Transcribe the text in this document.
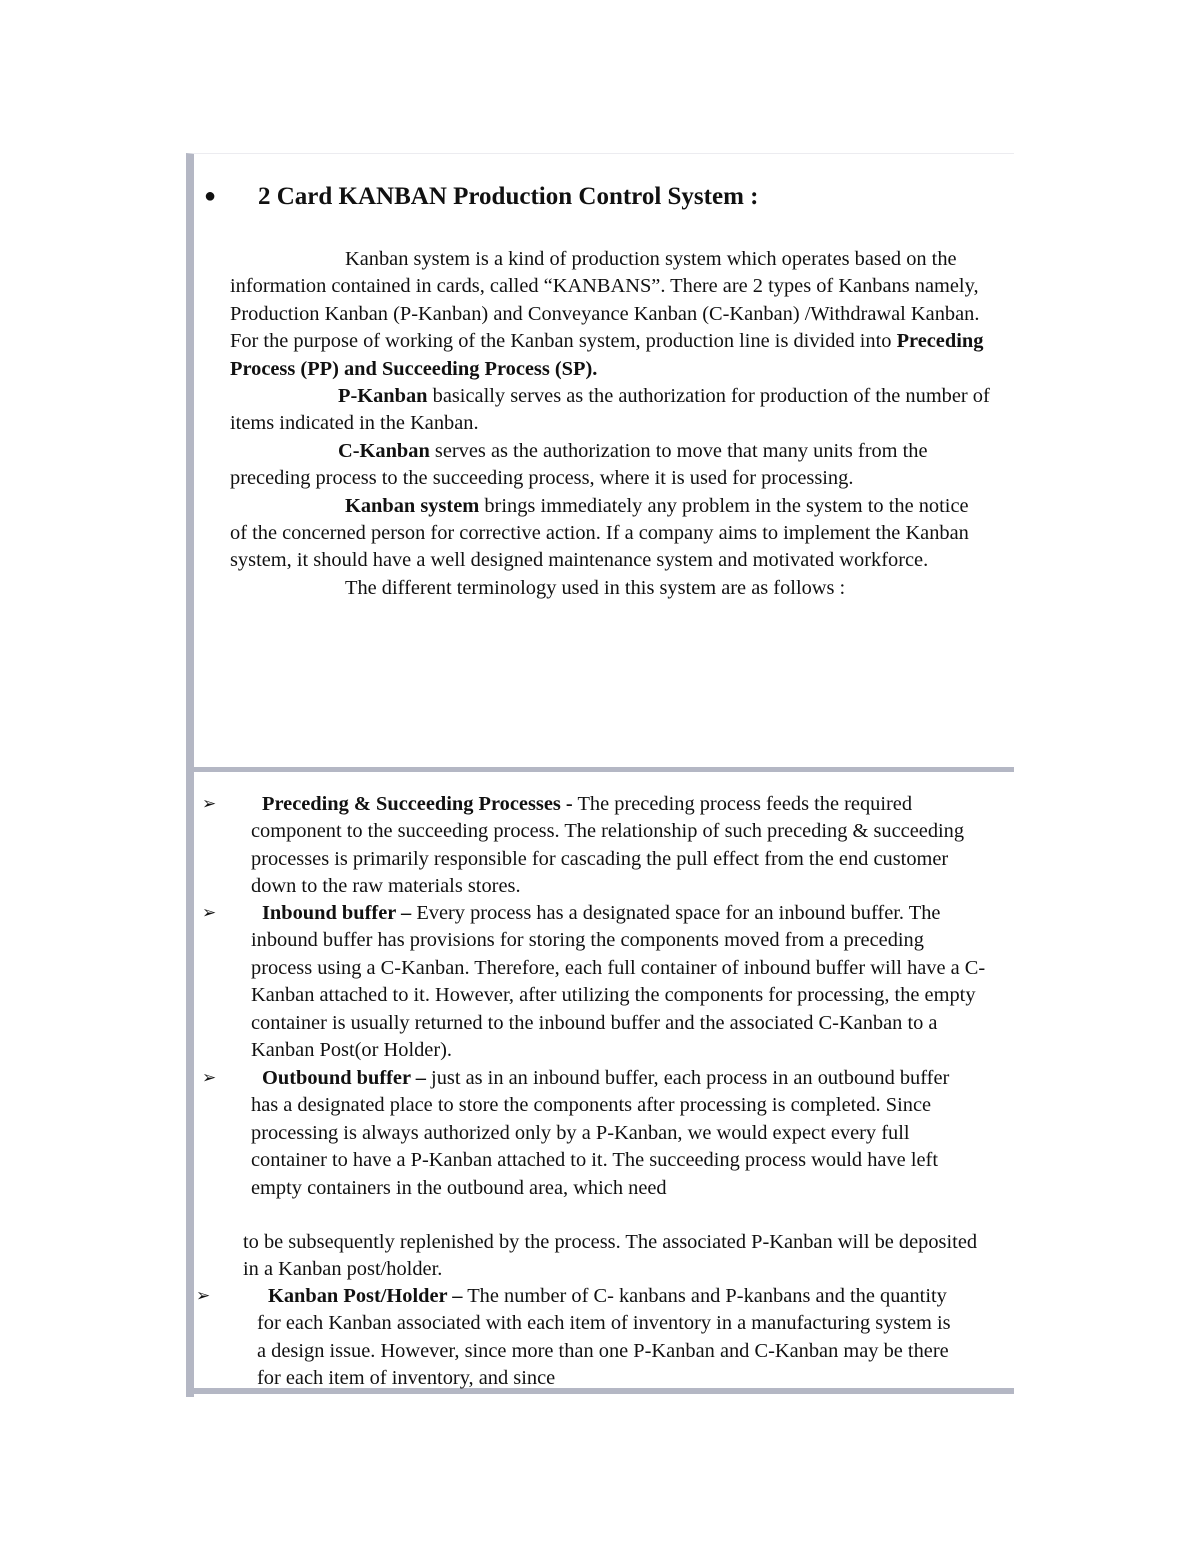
● 2 Card KANBAN Production Control System :

Kanban system is a kind of production system which operates based on the information contained in cards, called “KANBANS”. There are 2 types of Kanbans namely, Production Kanban (P-Kanban) and Conveyance Kanban (C-Kanban) /Withdrawal Kanban. For the purpose of working of the Kanban system, production line is divided into Preceding Process (PP) and Succeeding Process (SP).

P-Kanban basically serves as the authorization for production of the number of items indicated in the Kanban.

C-Kanban serves as the authorization to move that many units from the preceding process to the succeeding process, where it is used for processing.

Kanban system brings immediately any problem in the system to the notice of the concerned person for corrective action. If a company aims to implement the Kanban system, it should have a well designed maintenance system and motivated workforce.

The different terminology used in this system are as follows :

➢	Preceding & Succeeding Processes - The preceding process feeds the required component to the succeeding process. The relationship of such preceding & succeeding processes is primarily responsible for cascading the pull effect from the end customer down to the raw materials stores.
➢	Inbound buffer – Every process has a designated space for an inbound buffer. The inbound buffer has provisions for storing the components moved from a preceding process using a C-Kanban. Therefore, each full container of inbound buffer will have a C-Kanban attached to it. However, after utilizing the components for processing, the empty container is usually returned to the inbound buffer and the associated C-Kanban to a Kanban Post(or Holder).
➢	Outbound buffer – just as in an inbound buffer, each process in an outbound buffer has a designated place to store the components after processing is completed. Since processing is always authorized only by a P-Kanban, we would expect every full container to have a P-Kanban attached to it. The succeeding process would have left empty containers in the outbound area, which need
to be subsequently replenished by the process. The associated P-Kanban will be deposited in a Kanban post/holder.
➢	Kanban Post/Holder – The number of C- kanbans and P-kanbans and the quantity for each Kanban associated with each item of inventory in a manufacturing system is a design issue. However, since more than one P-Kanban and C-Kanban may be there for each item of inventory, and since
